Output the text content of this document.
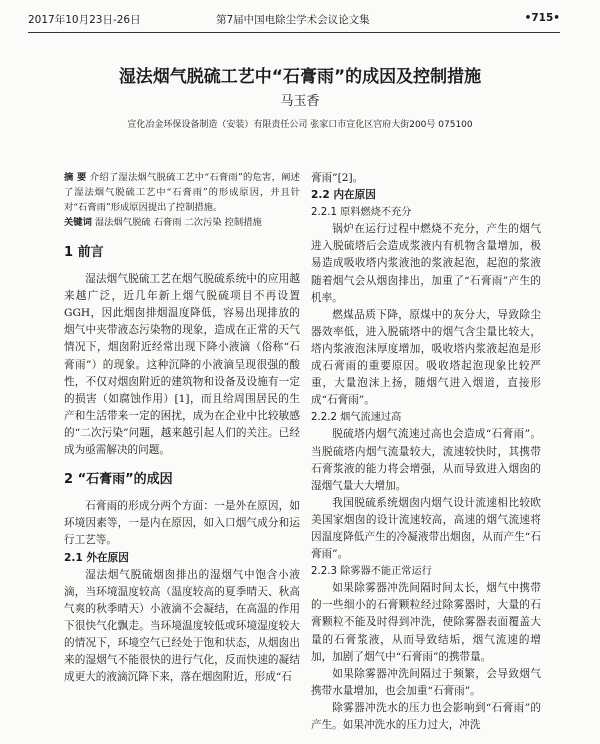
2017年10月23日-26日	第7届中国电除尘学术会议论文集	•715•
湿法烟气脱硫工艺中“石膏雨”的成因及控制措施
马玉香
宣化冶金环保设备制造（安装）有限责任公司 张家口市宣化区宫府大街200号 075100

摘 要 介绍了湿法烟气脱硫工艺中“石膏雨”的危害，阐述了湿法烟气脱硫工艺中“石膏雨”的形成原因，并且针对“石膏雨”形成原因提出了控制措施。

关键词 湿法烟气脱硫 石膏雨 二次污染 控制措施

1 前言

湿法烟气脱硫工艺在烟气脱硫系统中的应用越来越广泛，近几年新上烟气脱硫项目不再设置GGH，因此烟囱排烟温度降低，容易出现排放的烟气中夹带液态污染物的现象，造成在正常的天气情况下，烟囱附近经常出现下降小液滴（俗称“石膏雨”）的现象。这种沉降的小液滴呈现很强的酸性，不仅对烟囱附近的建筑物和设备及设施有一定的损害（如腐蚀作用）[1]，而且给周围居民的生产和生活带来一定的困扰，成为在企业中比较敏感的“二次污染”问题，越来越引起人们的关注。已经成为亟需解决的问题。

2 “石膏雨”的成因

石膏雨的形成分两个方面：一是外在原因，如环境因素等，一是内在原因，如入口烟气成分和运行工艺等。

2.1 外在原因

湿法烟气脱硫烟囱排出的湿烟气中饱含小液滴，当环境温度较高（温度较高的夏季晴天、秋高气爽的秋季晴天）小液滴不会凝结，在高温的作用下很快气化飘走。当环境温度较低或环境湿度较大的情况下，环境空气已经处于饱和状态，从烟囱出来的湿烟气不能很快的进行气化，反而快速的凝结成更大的液滴沉降下来，落在烟囱附近，形成“石

膏雨”[2]。

2.2 内在原因
2.2.1 原料燃烧不充分

锅炉在运行过程中燃烧不充分，产生的烟气进入脱硫塔后会造成浆液内有机物含量增加，极易造成吸收塔内浆液池的浆液起泡，起泡的浆液随着烟气会从烟囱排出，加重了“石膏雨”产生的机率。

燃煤品质下降，原煤中的灰分大，导致除尘器效率低，进入脱硫塔中的烟气含尘量比较大，塔内浆液泡沫厚度增加，吸收塔内浆液起泡是形成石膏雨的重要原因。吸收塔起泡现象比较严重，大量泡沫上扬，随烟气进入烟道，直接形成“石膏雨”。

2.2.2 烟气流速过高

脱硫塔内烟气流速过高也会造成“石膏雨”。当脱硫塔内烟气流量较大，流速较快时，其携带石膏浆液的能力将会增强，从而导致进入烟囱的湿烟气量大大增加。

我国脱硫系统烟囱内烟气设计流速相比较欧美国家烟囱的设计流速较高，高速的烟气流速将因温度降低产生的冷凝液带出烟囱，从而产生“石膏雨”。

2.2.3 除雾器不能正常运行

如果除雾器冲洗间隔时间太长，烟气中携带的一些细小的石膏颗粒经过除雾器时，大量的石膏颗粒不能及时得到冲洗，使除雾器表面覆盖大量的石膏浆液，从而导致结垢，烟气流速的增加，加剧了烟气中“石膏雨”的携带量。

如果除雾器冲洗间隔过于频繁，会导致烟气携带水量增加，也会加重“石膏雨”。

除雾器冲洗水的压力也会影响到“石膏雨”的产生。如果冲洗水的压力过大，冲洗
